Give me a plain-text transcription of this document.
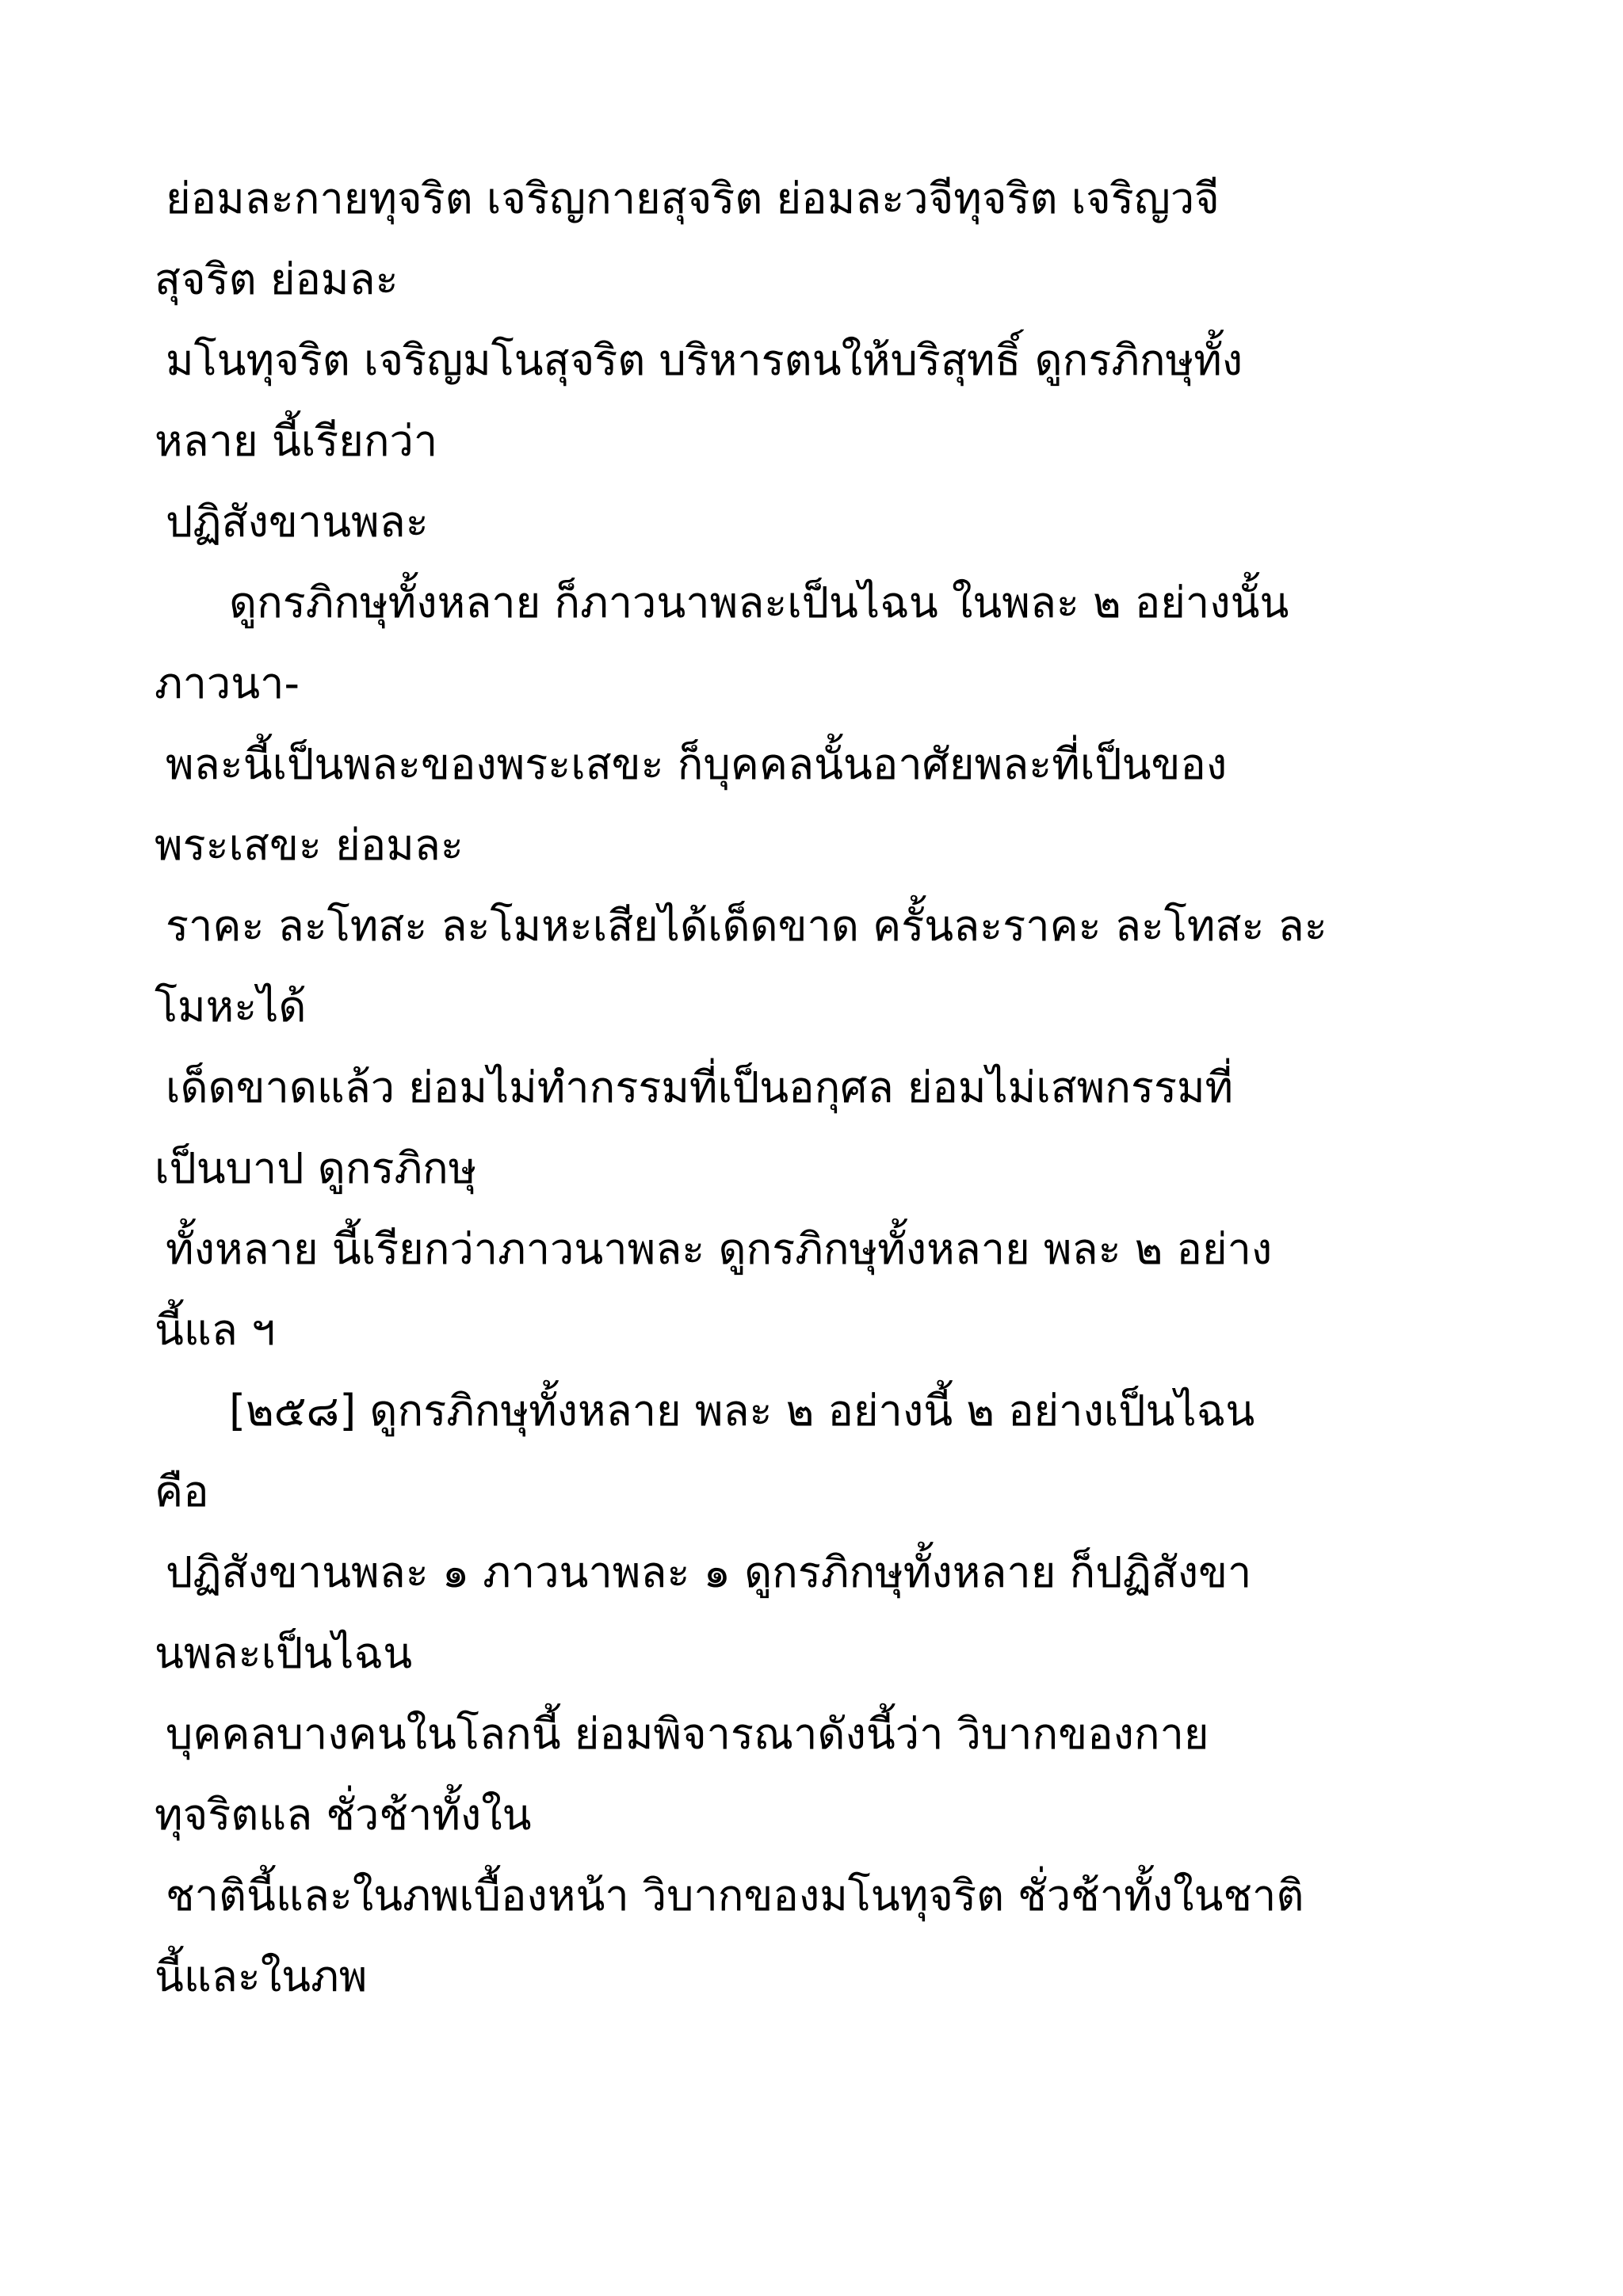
ย่อมละกายทุจริต เจริญกายสุจริต ย่อมละวจีทุจริต เจริญวจี
สุจริต ย่อมละ
มโนทุจริต เจริญมโนสุจริต บริหารตนให้บริสุทธิ์ ดูกรภิกษุทั้ง
หลาย นี้เรียกว่า
ปฏิสังขานพละ
ดูกรภิกษุทั้งหลาย ก็ภาวนาพละเป็นไฉน ในพละ ๒ อย่างนั้น
ภาวนา-
พละนี้เป็นพละของพระเสขะ ก็บุคคลนั้นอาศัยพละที่เป็นของ
พระเสขะ ย่อมละ
ราคะ ละโทสะ ละโมหะเสียได้เด็ดขาด ครั้นละราคะ ละโทสะ ละ
โมหะได้
เด็ดขาดแล้ว ย่อมไม่ทำกรรมที่เป็นอกุศล ย่อมไม่เสพกรรมที่
เป็นบาป ดูกรภิกษุ
ทั้งหลาย นี้เรียกว่าภาวนาพละ ดูกรภิกษุทั้งหลาย พละ ๒ อย่าง
นี้แล ฯ
[๒๕๘] ดูกรภิกษุทั้งหลาย พละ ๒ อย่างนี้ ๒ อย่างเป็นไฉน
คือ
ปฏิสังขานพละ ๑ ภาวนาพละ ๑ ดูกรภิกษุทั้งหลาย ก็ปฏิสังขา
นพละเป็นไฉน
บุคคลบางคนในโลกนี้ ย่อมพิจารณาดังนี้ว่า วิบากของกาย
ทุจริตแล ชั่วช้าทั้งใน
ชาตินี้และในภพเบื้องหน้า วิบากของมโนทุจริต ชั่วช้าทั้งในชาติ
นี้และในภพ
